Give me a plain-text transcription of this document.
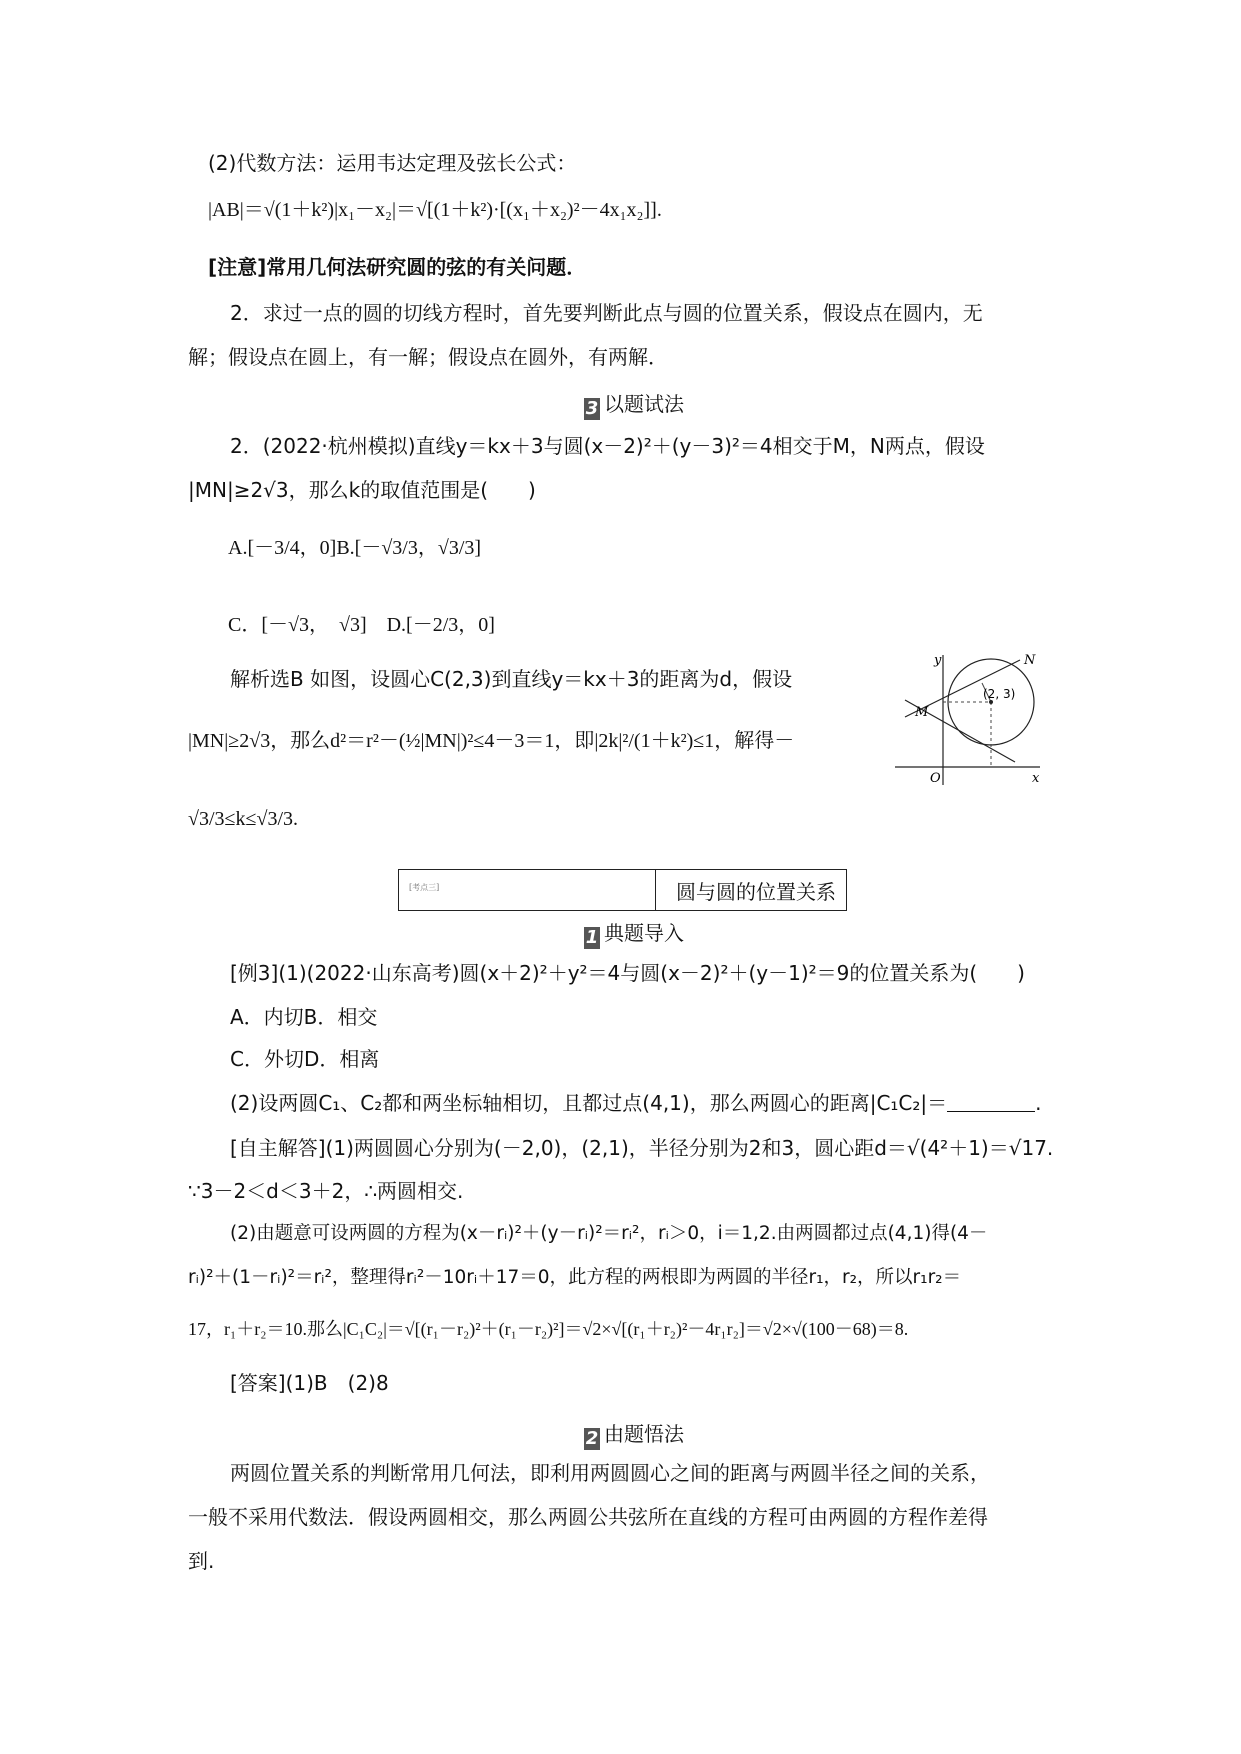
(2)代数方法：运用韦达定理及弦长公式：
|AB|＝√(1＋k²)|x₁－x₂|＝√[(1＋k²)·[(x₁＋x₂)²－4x₁x₂]].
[注意]常用几何法研究圆的弦的有关问题．
2．求过一点的圆的切线方程时，首先要判断此点与圆的位置关系，假设点在圆内，无
解；假设点在圆上，有一解；假设点在圆外，有两解．
3 以题试法
2．(2022·杭州模拟)直线y＝kx＋3与圆(x－2)²＋(y－3)²＝4相交于M，N两点，假设
|MN|≥2√3，那么k的取值范围是(　　)
A.[－3/4，0]B.[－√3/3，√3/3]
C．[－√3，　√3]　D.[－2/3，0]
解析选B 如图，设圆心C(2,3)到直线y＝kx＋3的距离为d，假设
|MN|≥2√3，那么d²＝r²－(½|MN|)²≤4－3＝1，即|2k|²/(1＋k²)≤1，解得－
√3/3≤k≤√3/3.
y
x
O
M
N
(2, 3)
[考点三]	圆与圆的位置关系
1 典题导入
[例3](1)(2022·山东高考)圆(x＋2)²＋y²＝4与圆(x－2)²＋(y－1)²＝9的位置关系为(　　)
A．内切B．相交
C．外切D．相离
(2)设两圆C₁、C₂都和两坐标轴相切，且都过点(4,1)，那么两圆心的距离|C₁C₂|＝	.
[自主解答](1)两圆圆心分别为(－2,0)，(2,1)，半径分别为2和3，圆心距d＝√(4²＋1)＝√17.
∵3－2＜d＜3＋2，∴两圆相交.
(2)由题意可设两圆的方程为(x－rᵢ)²＋(y－rᵢ)²＝rᵢ²，rᵢ＞0，i＝1,2.由两圆都过点(4,1)得(4－
rᵢ)²＋(1－rᵢ)²＝rᵢ²，整理得rᵢ²－10rᵢ＋17＝0，此方程的两根即为两圆的半径r₁，r₂，所以r₁r₂＝
17，r₁＋r₂＝10.那么|C₁C₂|＝√[(r₁－r₂)²＋(r₁－r₂)²]＝√2×√[(r₁＋r₂)²－4r₁r₂]＝√2×√(100－68)＝8.
[答案](1)B　(2)8
2 由题悟法
两圆位置关系的判断常用几何法，即利用两圆圆心之间的距离与两圆半径之间的关系，
一般不采用代数法．假设两圆相交，那么两圆公共弦所在直线的方程可由两圆的方程作差得
到.
